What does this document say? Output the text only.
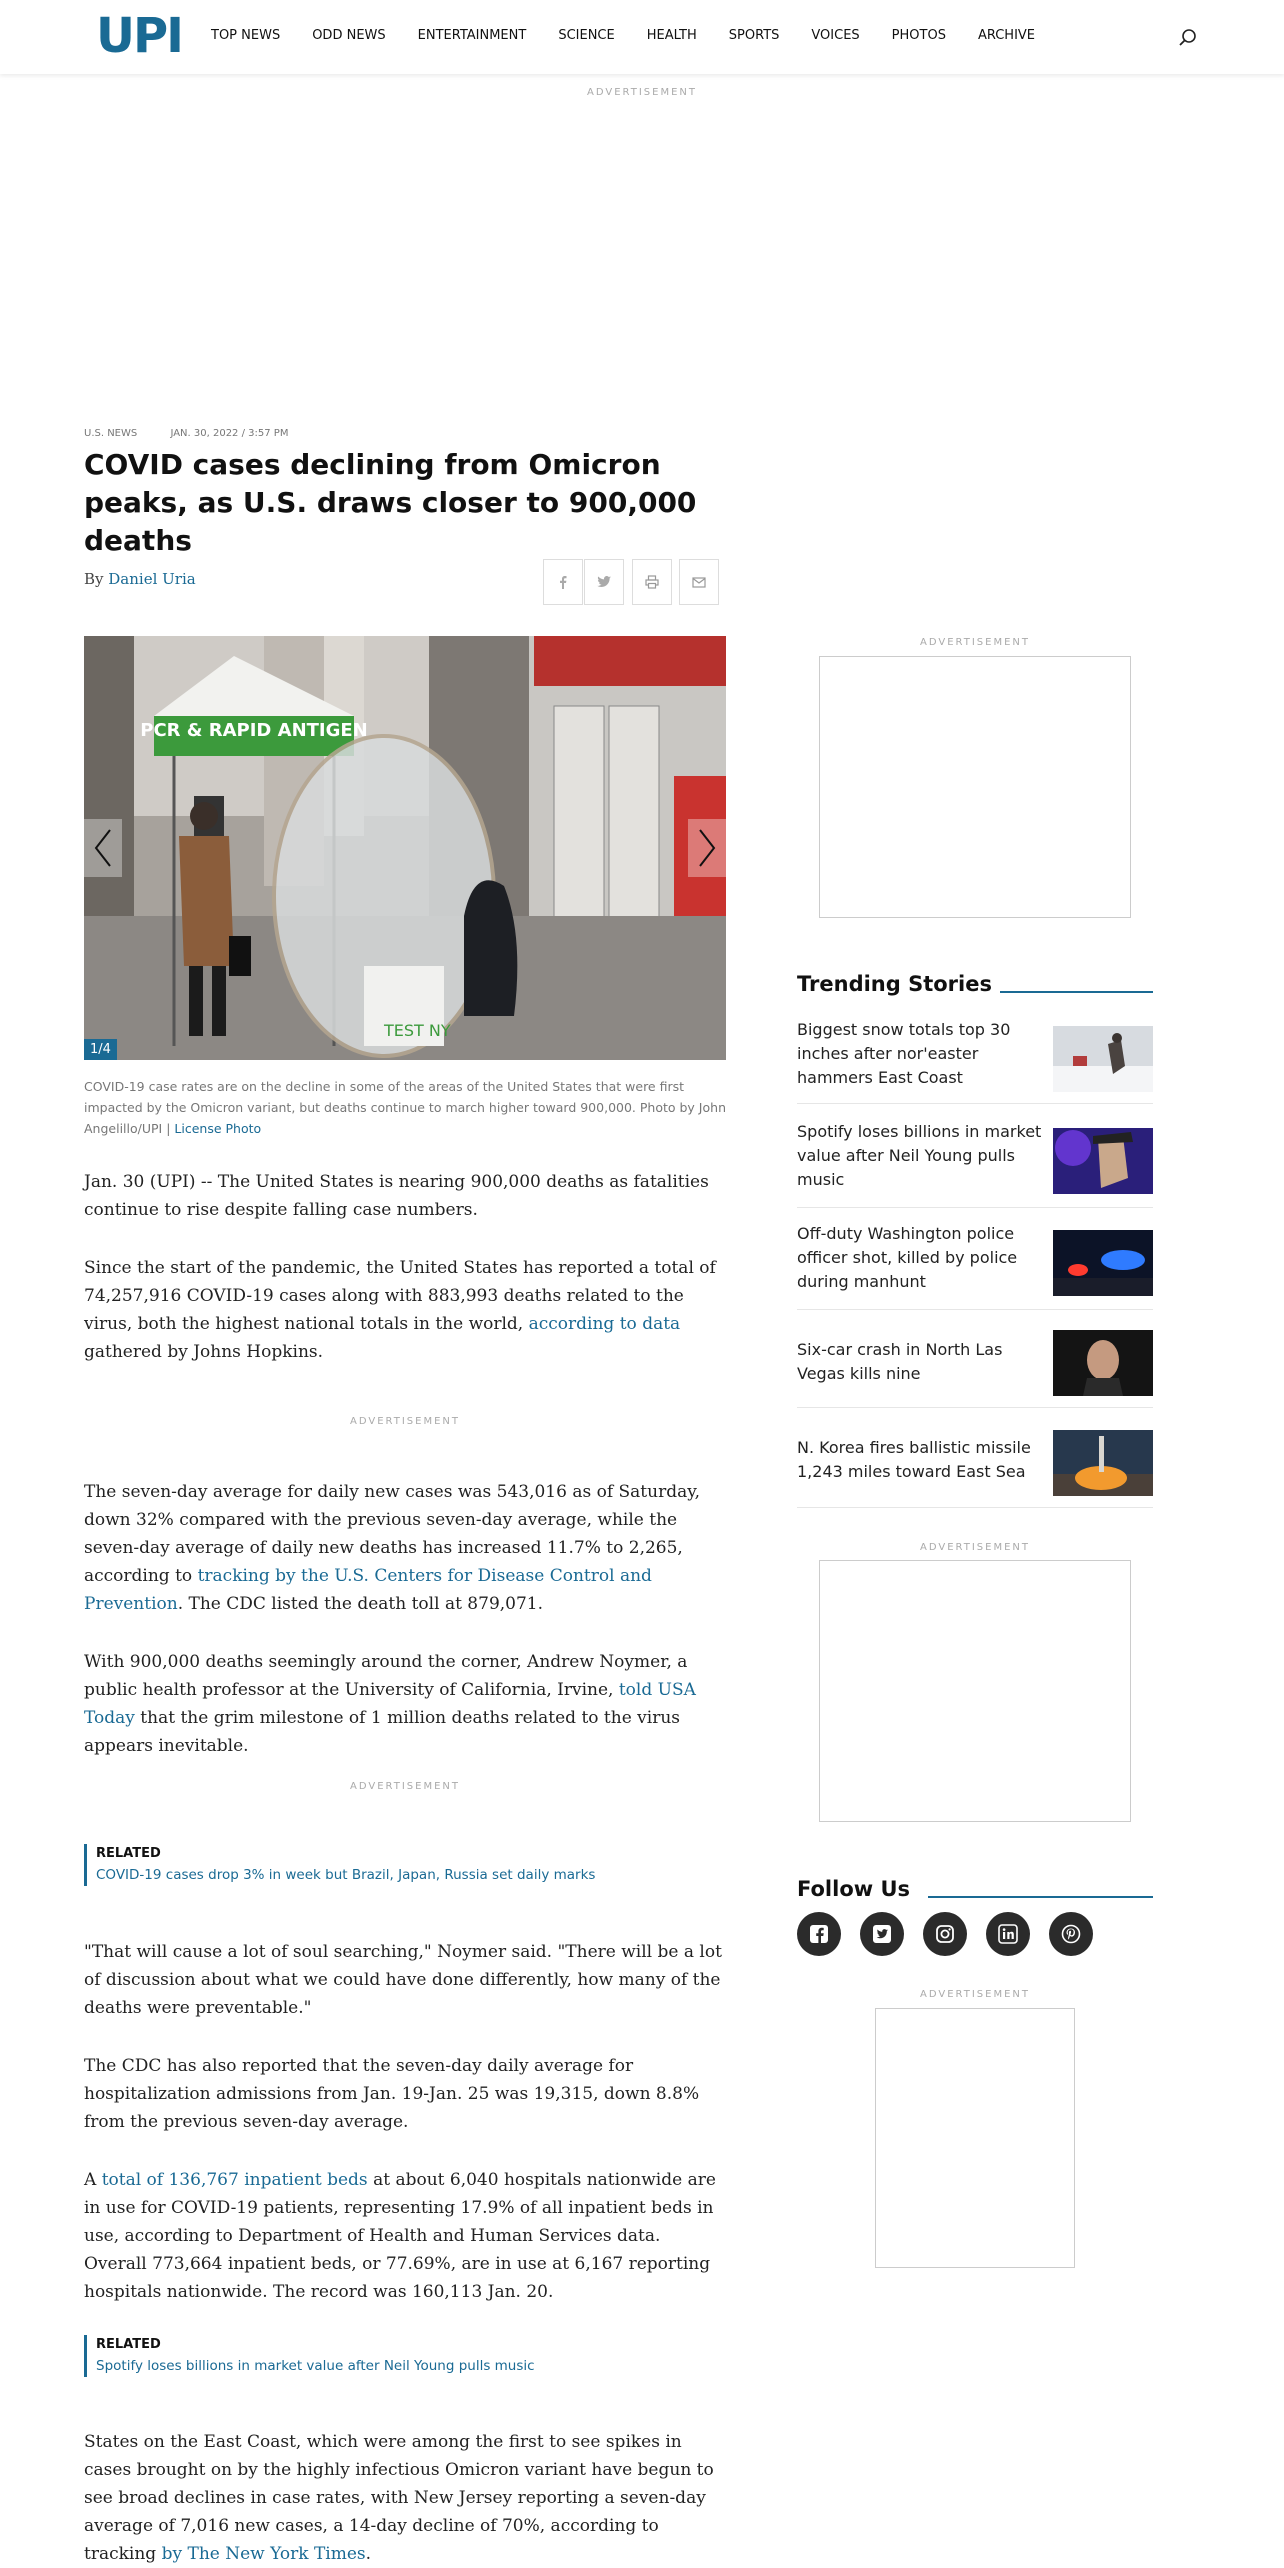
UPI TOP NEWS ODD NEWS ENTERTAINMENT SCIENCE HEALTH SPORTS VOICES PHOTOS ARCHIVE
ADVERTISEMENT
U.S. NEWS	JAN. 30, 2022 / 3:57 PM
COVID cases declining from Omicron peaks, as U.S. draws closer to 900,000 deaths
By Daniel Uria
PCR & RAPID ANTIGEN
TEST NY
1/4
COVID-19 case rates are on the decline in some of the areas of the United States that were first impacted by the Omicron variant, but deaths continue to march higher toward 900,000. Photo by John Angelillo/UPI | License Photo
Jan. 30 (UPI) -- The United States is nearing 900,000 deaths as fatalities continue to rise despite falling case numbers.
Since the start of the pandemic, the United States has reported a total of 74,257,916 COVID-19 cases along with 883,993 deaths related to the virus, both the highest national totals in the world, according to data gathered by Johns Hopkins.
ADVERTISEMENT
The seven-day average for daily new cases was 543,016 as of Saturday, down 32% compared with the previous seven-day average, while the seven-day average of daily new deaths has increased 11.7% to 2,265, according to tracking by the U.S. Centers for Disease Control and Prevention. The CDC listed the death toll at 879,071.
With 900,000 deaths seemingly around the corner, Andrew Noymer, a public health professor at the University of California, Irvine, told USA Today that the grim milestone of 1 million deaths related to the virus appears inevitable.
ADVERTISEMENT
RELATED
COVID-19 cases drop 3% in week but Brazil, Japan, Russia set daily marks
"That will cause a lot of soul searching," Noymer said. "There will be a lot of discussion about what we could have done differently, how many of the deaths were preventable."
The CDC has also reported that the seven-day daily average for hospitalization admissions from Jan. 19-Jan. 25 was 19,315, down 8.8% from the previous seven-day average.
A total of 136,767 inpatient beds at about 6,040 hospitals nationwide are in use for COVID-19 patients, representing 17.9% of all inpatient beds in use, according to Department of Health and Human Services data. Overall 773,664 inpatient beds, or 77.69%, are in use at 6,167 reporting hospitals nationwide. The record was 160,113 Jan. 20.
RELATED
Spotify loses billions in market value after Neil Young pulls music
States on the East Coast, which were among the first to see spikes in cases brought on by the highly infectious Omicron variant have begun to see broad declines in case rates, with New Jersey reporting a seven-day average of 7,016 new cases, a 14-day decline of 70%, according to tracking by The New York Times.
ADVERTISEMENT
Trending Stories
Biggest snow totals top 30 inches after nor'easter hammers East Coast
Spotify loses billions in market value after Neil Young pulls music
Off-duty Washington police officer shot, killed by police during manhunt
Six-car crash in North Las Vegas kills nine
N. Korea fires ballistic missile 1,243 miles toward East Sea
ADVERTISEMENT
Follow Us
ADVERTISEMENT
